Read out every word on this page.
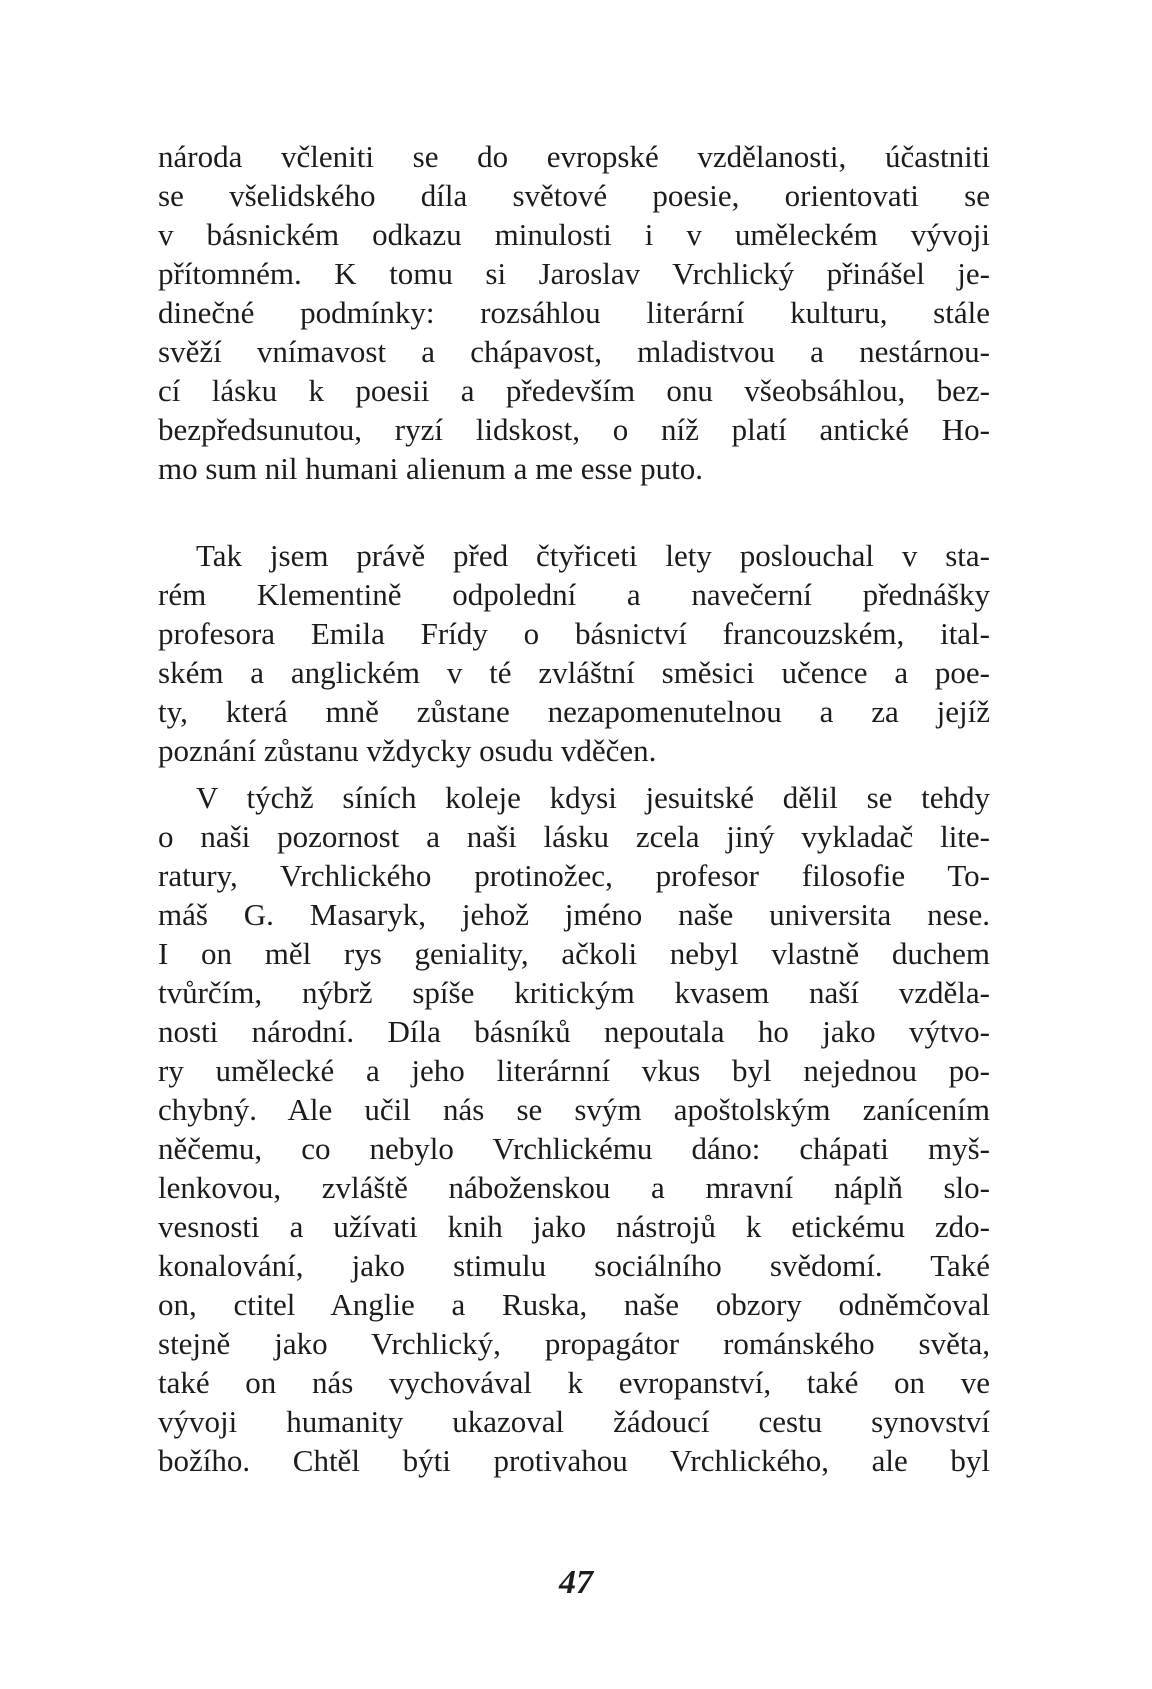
národa včleniti se do evropské vzdělanosti, účastniti
se všelidského díla světové poesie, orientovati se
v básnickém odkazu minulosti i v uměleckém vývoji
přítomném. K tomu si Jaroslav Vrchlický přinášel je-
dinečné podmínky: rozsáhlou literární kulturu, stále
svěží vnímavost a chápavost, mladistvou a nestárnou-
cí lásku k poesii a především onu všeobsáhlou, bez-
bezpředsunutou, ryzí lidskost, o níž platí antické Ho-
mo sum nil humani alienum a me esse puto.
Tak jsem právě před čtyřiceti lety poslouchal v sta-
rém Klementině odpolední a navečerní přednášky
profesora Emila Frídy o básnictví francouzském, ital-
ském a anglickém v té zvláštní směsici učence a poe-
ty, která mně zůstane nezapomenutelnou a za jejíž
poznání zůstanu vždycky osudu vděčen.
V týchž síních koleje kdysi jesuitské dělil se tehdy
o naši pozornost a naši lásku zcela jiný vykladač lite-
ratury, Vrchlického protinožec, profesor filosofie To-
máš G. Masaryk, jehož jméno naše universita nese.
I on měl rys geniality, ačkoli nebyl vlastně duchem
tvůrčím, nýbrž spíše kritickým kvasem naší vzděla-
nosti národní. Díla básníků nepoutala ho jako výtvo-
ry umělecké a jeho literárnní vkus byl nejednou po-
chybný. Ale učil nás se svým apoštolským zanícením
něčemu, co nebylo Vrchlickému dáno: chápati myš-
lenkovou, zvláště náboženskou a mravní náplň slo-
vesnosti a užívati knih jako nástrojů k etickému zdo-
konalování, jako stimulu sociálního svědomí. Také
on, ctitel Anglie a Ruska, naše obzory odněmčoval
stejně jako Vrchlický, propagátor románského světa,
také on nás vychovával k evropanství, také on ve
vývoji humanity ukazoval žádoucí cestu synovství
božího. Chtěl býti protivahou Vrchlického, ale byl
47
